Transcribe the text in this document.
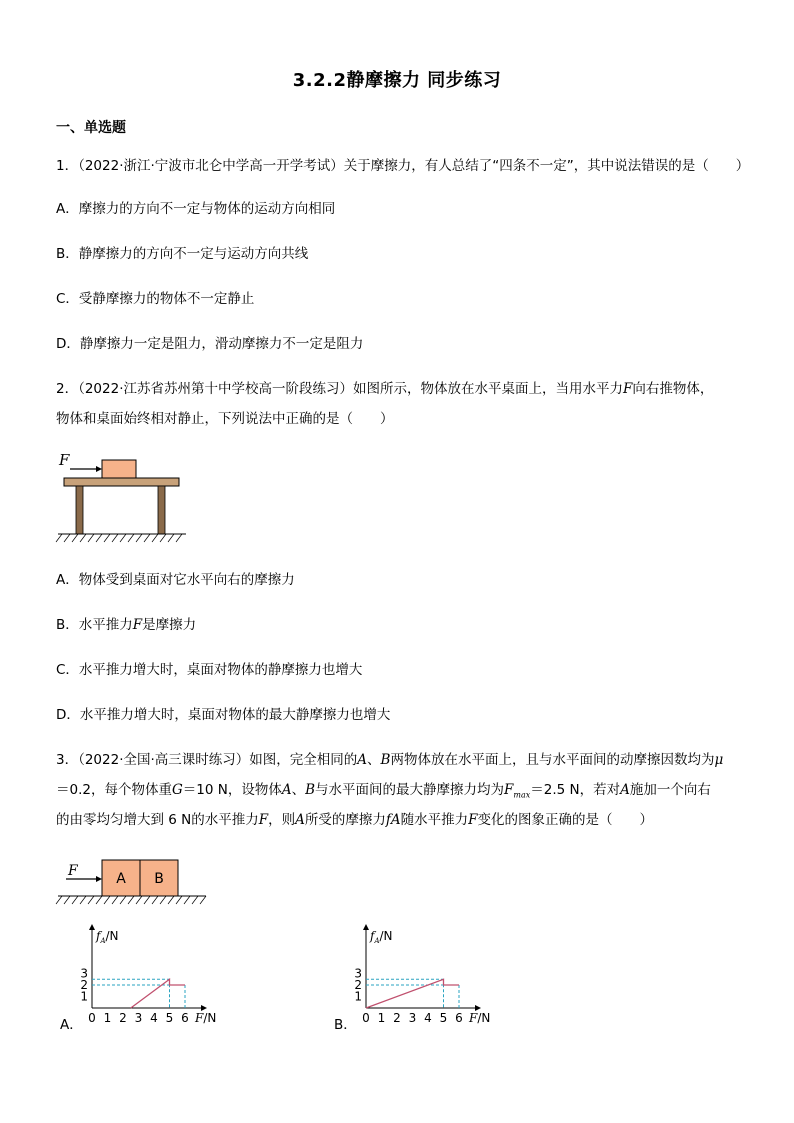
3.2.2静摩擦力 同步练习
一、单选题
1．（2022·浙江·宁波市北仑中学高一开学考试）关于摩擦力，有人总结了“四条不一定”，其中说法错误的是（　　）
A．摩擦力的方向不一定与物体的运动方向相同
B．静摩擦力的方向不一定与运动方向共线
C．受静摩擦力的物体不一定静止
D．静摩擦力一定是阻力，滑动摩擦力不一定是阻力
2．（2022·江苏省苏州第十中学校高一阶段练习）如图所示，物体放在水平桌面上，当用水平力F向右推物体，
物体和桌面始终相对静止，下列说法中正确的是（　　）
F
A．物体受到桌面对它水平向右的摩擦力
B．水平推力F是摩擦力
C．水平推力增大时，桌面对物体的静摩擦力也增大
D．水平推力增大时，桌面对物体的最大静摩擦力也增大
3．（2022·全国·高三课时练习）如图，完全相同的A、B两物体放在水平面上，且与水平面间的动摩擦因数均为μ
＝0.2，每个物体重G＝10 N，设物体A、B与水平面间的最大静摩擦力均为$F_{max}=2.5$ N，若对A施加一个向右
的由零均匀增大到 6 N的水平推力F，则A所受的摩擦力fA随水平推力F变化的图象正确的是（　　）
F	A B
A．
$f_A/N$
F/N
3
2
1
0 1 2 3 4 5 6	B．
$f_A/N$
F/N
3
2
1
0 1 2 3 4 5 6
